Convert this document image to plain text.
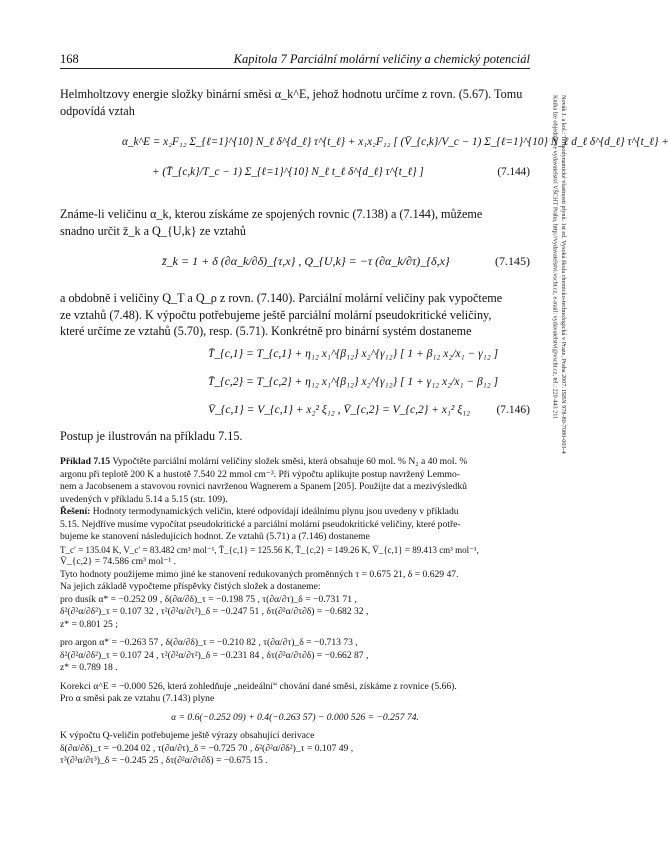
168	Kapitola 7 Parciální molární veličiny a chemický potenciál
Novák J. a kol.: Termodynamické vlastnosti plynů. 1st ed. Vysoká škola chemicko-technologická v Praze, Praha 2007. ISBN 978-80-7080-003-4
Kniha lze objednat ve vydavatelství VŠCHT Praha, http://vydavatelstvi.vscht.cz, e-mail: vydavatelstvi@vscht.cz, tel.: 220 443 211
Helmholtzovy energie složky binární směsi α_k^E, jehož hodnotu určíme z rovn. (5.67). Tomu
odpovídá vztah
α_k^E = x₂F₁₂ Σ_{ℓ=1}^{10} N_ℓ δ^{d_ℓ} τ^{t_ℓ} + x₁x₂F₁₂ [ (V̄_{c,k}/V_c − 1) Σ_{ℓ=1}^{10} N_ℓ d_ℓ δ^{d_ℓ} τ^{t_ℓ} +
+ (T̄_{c,k}/T_c − 1) Σ_{ℓ=1}^{10} N_ℓ t_ℓ δ^{d_ℓ} τ^{t_ℓ} ]	(7.144)
Známe-li veličinu α_k, kterou získáme ze spojených rovnic (7.138) a (7.144), můžeme
snadno určit z̄_k a Q_{U,k} ze vztahů
z̄_k = 1 + δ (∂α_k/∂δ)_{τ,x} , Q_{U,k} = −τ (∂α_k/∂τ)_{δ,x}	(7.145)
a obdobně i veličiny Q_T a Q_ρ z rovn. (7.140). Parciální molární veličiny pak vypočteme
ze vztahů (7.48). K výpočtu potřebujeme ještě parciální molární pseudokritické veličiny,
které určíme ze vztahů (5.70), resp. (5.71). Konkrétně pro binární systém dostaneme
T̄_{c,1} = T_{c,1} + η₁₂ x₁^{β₁₂} x₂^{γ₁₂} [ 1 + β₁₂ x₂/x₁ − γ₁₂ ]
T̄_{c,2} = T_{c,2} + η₁₂ x₁^{β₁₂} x₂^{γ₁₂} [ 1 + γ₁₂ x₂/x₁ − β₁₂ ]
V̄_{c,1} = V_{c,1} + x₂² ξ₁₂ , V̄_{c,2} = V_{c,2} + x₁² ξ₁₂ (7.146)
Postup je ilustrován na příkladu 7.15.
Příklad 7.15 Vypočtěte parciální molární veličiny složek směsi, která obsahuje 60 mol. % N₂ a 40 mol. %
argonu při teplotě 200 K a hustotě 7.540 22 mmol cm⁻³. Při výpočtu aplikujte postup navržený Lemmo-
nem a Jacobsenem a stavovou rovnici navrženou Wagnerem a Spanem [205]. Použijte dat a mezivýsledků
uvedených v příkladu 5.14 a 5.15 (str. 109).
Řešení: Hodnoty termodynamických veličin, které odpovídají ideálnímu plynu jsou uvedeny v příkladu
5.15. Nejdříve musíme vypočítat pseudokritické a parciální molární pseudokritické veličiny, které potře-
bujeme ke stanovení následujících hodnot. Ze vztahů (5.71) a (7.146) dostaneme
T_c′ = 135.04 K, V_c′ = 83.482 cm³ mol⁻¹, T̄_{c,1} = 125.56 K, T̄_{c,2} = 149.26 K, V̄_{c,1} = 89.413 cm³ mol⁻¹,
V̄_{c,2} = 74.586 cm³ mol⁻¹ .
Tyto hodnoty použijeme mimo jiné ke stanovení redukovaných proměnných τ = 0.675 21, δ = 0.629 47.
Na jejich základě vypočteme příspěvky čistých složek a dostaneme:
pro dusík α* = −0.252 09 , δ(∂α/∂δ)_τ = −0.198 75 , τ(∂α/∂τ)_δ = −0.731 71 ,
δ²(∂²α/∂δ²)_τ = 0.107 32 , τ²(∂²α/∂τ²)_δ = −0.247 51 , δτ(∂²α/∂τ∂δ) = −0.682 32 ,
z* = 0.801 25 ;
pro argon α* = −0.263 57 , δ(∂α/∂δ)_τ = −0.210 82 , τ(∂α/∂τ)_δ = −0.713 73 ,
δ²(∂²α/∂δ²)_τ = 0.107 24 , τ²(∂²α/∂τ²)_δ = −0.231 84 , δτ(∂²α/∂τ∂δ) = −0.662 87 ,
z* = 0.789 18 .
Korekci α^E = −0.000 526, která zohledňuje „neideální“ chování dané směsi, získáme z rovnice (5.66).
Pro α směsi pak ze vztahu (7.143) plyne
α = 0.6(−0.252 09) + 0.4(−0.263 57) − 0.000 526 = −0.257 74.
K výpočtu Q-veličin potřebujeme ještě výrazy obsahující derivace
δ(∂α/∂δ)_τ = −0.204 02 , τ(∂α/∂τ)_δ = −0.725 70 , δ²(∂²α/∂δ²)_τ = 0.107 49 ,
τ³(∂³α/∂τ³)_δ = −0.245 25 , δτ(∂²α/∂τ∂δ) = −0.675 15 .
